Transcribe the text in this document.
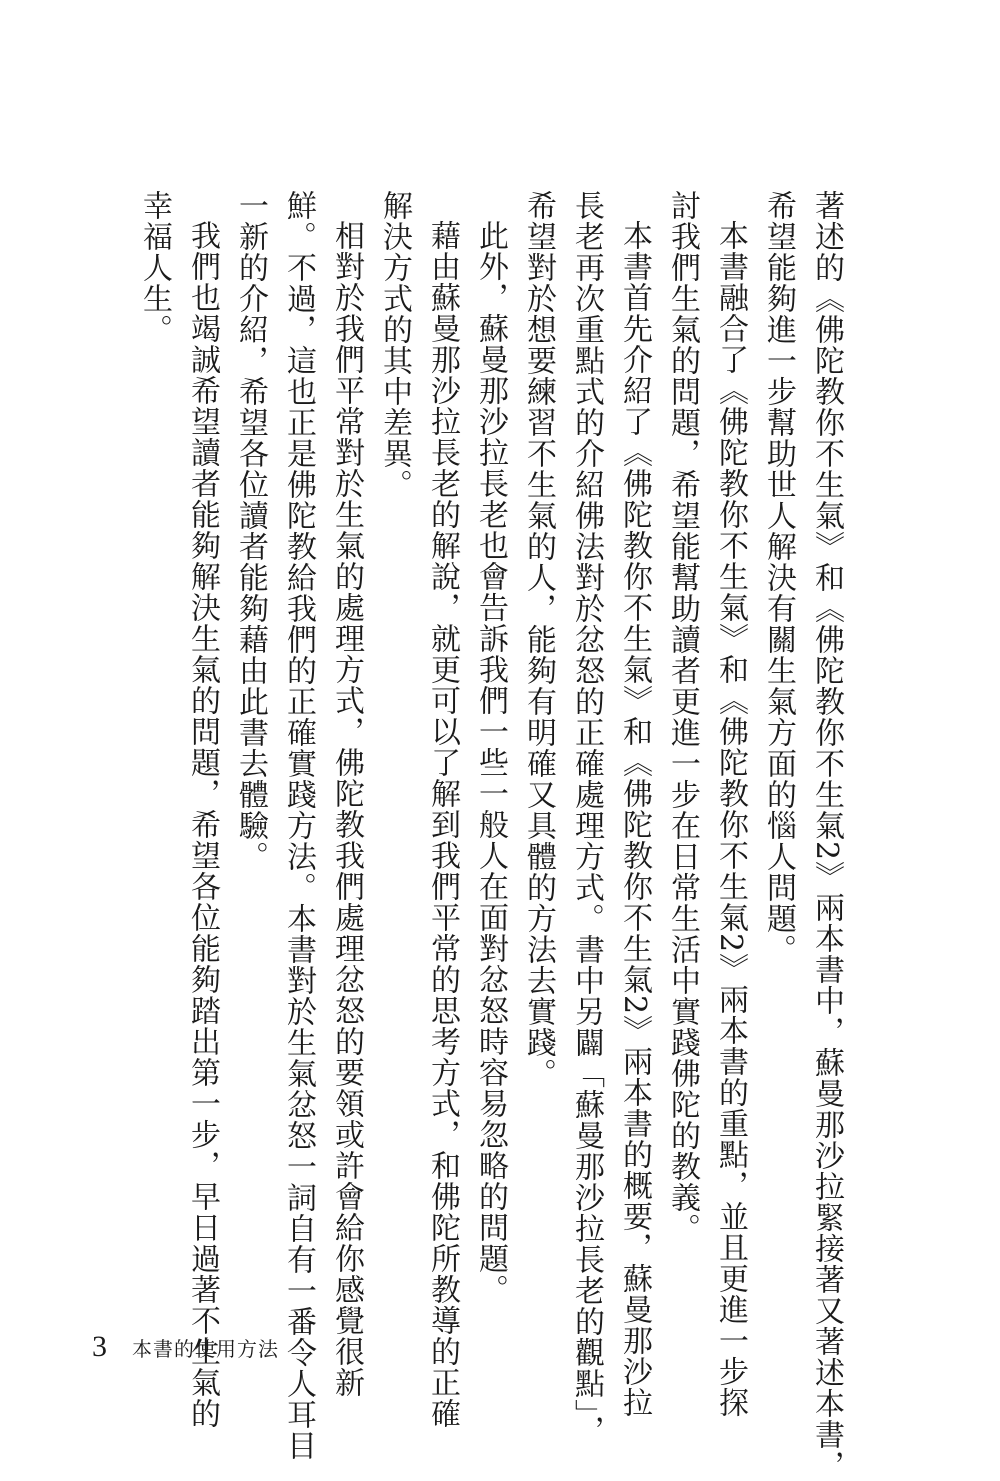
著述的《佛陀教你不生氣》和《佛陀教你不生氣2》兩本書中，蘇曼那沙拉緊接著又著述本書，
希望能夠進一步幫助世人解決有關生氣方面的惱人問題。
本書融合了《佛陀教你不生氣》和《佛陀教你不生氣2》兩本書的重點，並且更進一步探
討我們生氣的問題，希望能幫助讀者更進一步在日常生活中實踐佛陀的教義。
本書首先介紹了《佛陀教你不生氣》和《佛陀教你不生氣2》兩本書的概要，蘇曼那沙拉
長老再次重點式的介紹佛法對於忿怒的正確處理方式。書中另闢「蘇曼那沙拉長老的觀點」，
希望對於想要練習不生氣的人，能夠有明確又具體的方法去實踐。
此外，蘇曼那沙拉長老也會告訴我們一些一般人在面對忿怒時容易忽略的問題。
藉由蘇曼那沙拉長老的解說，就更可以了解到我們平常的思考方式，和佛陀所教導的正確
解決方式的其中差異。
相對於我們平常對於生氣的處理方式，佛陀教我們處理忿怒的要領或許會給你感覺很新
鮮。不過，這也正是佛陀教給我們的正確實踐方法。本書對於生氣忿怒一詞自有一番令人耳目
一新的介紹，希望各位讀者能夠藉由此書去體驗。
我們也竭誠希望讀者能夠解決生氣的問題，希望各位能夠踏出第一步，早日過著不生氣的
幸福人生。
3	本書的使用方法
